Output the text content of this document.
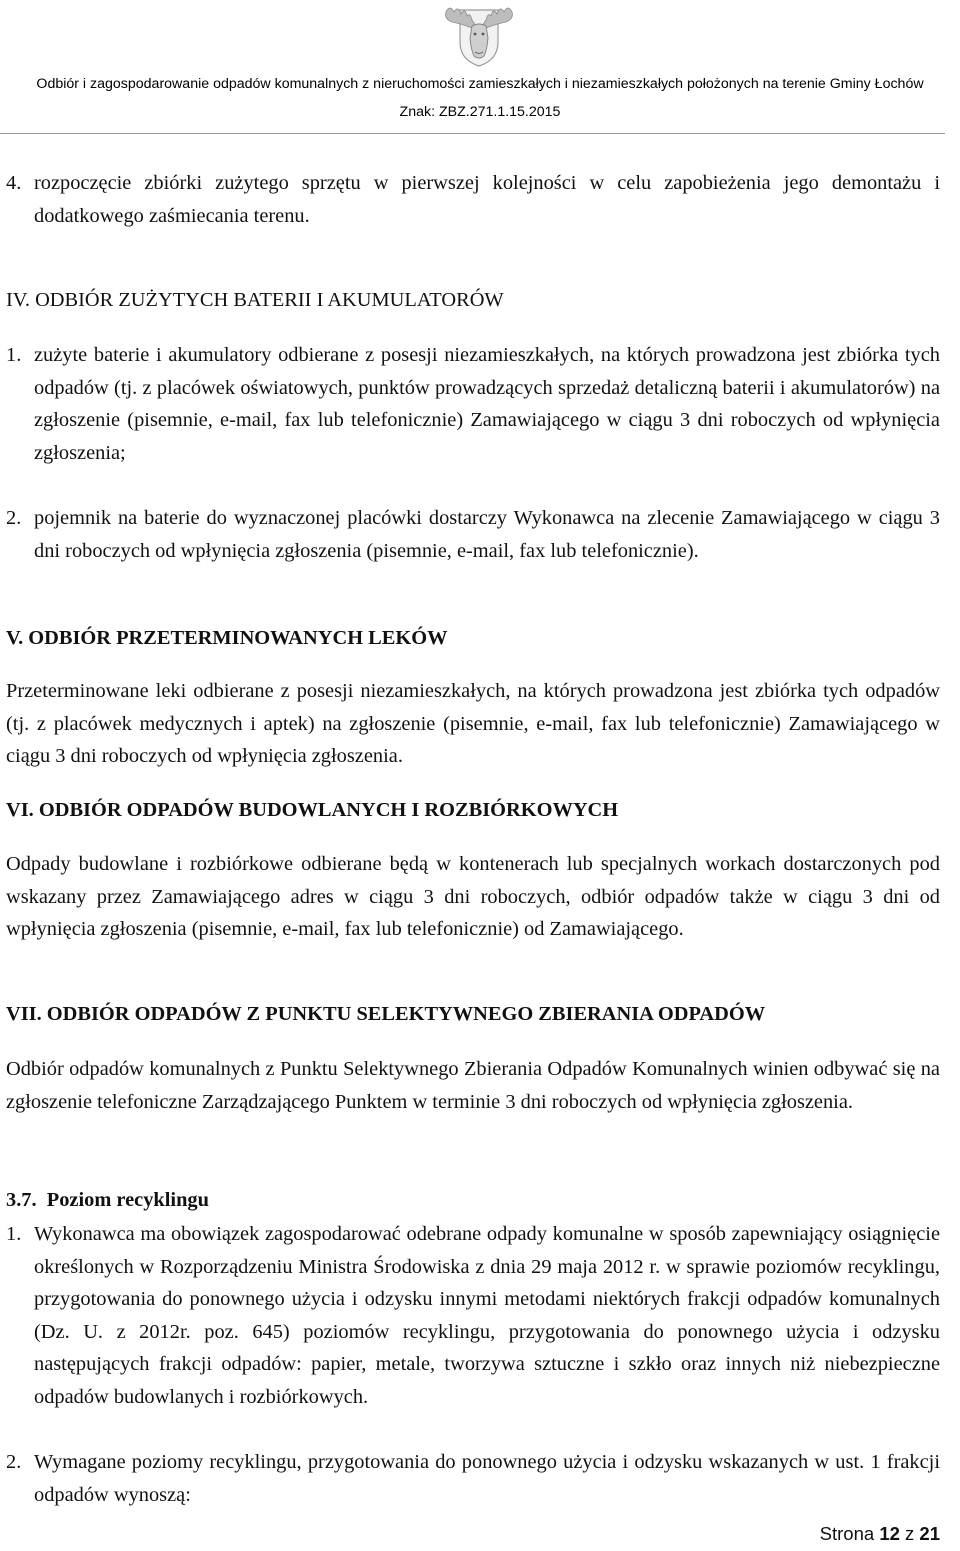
Odbiór i zagospodarowanie odpadów komunalnych z nieruchomości zamieszkałych i niezamieszkałych położonych na terenie Gminy Łochów
Znak: ZBZ.271.1.15.2015
4. rozpoczęcie zbiórki zużytego sprzętu w pierwszej kolejności w celu zapobieżenia jego demontażu i dodatkowego zaśmiecania terenu.
IV. ODBIÓR ZUŻYTYCH BATERII I AKUMULATORÓW
1. zużyte baterie i akumulatory odbierane z posesji niezamieszkałych, na których prowadzona jest zbiórka tych odpadów (tj. z placówek oświatowych, punktów prowadzących sprzedaż detaliczną baterii i akumulatorów) na zgłoszenie (pisemnie, e-mail, fax lub telefonicznie) Zamawiającego w ciągu 3 dni roboczych od wpłynięcia zgłoszenia;
2. pojemnik na baterie do wyznaczonej placówki dostarczy Wykonawca na zlecenie Zamawiającego w ciągu 3 dni roboczych od wpłynięcia zgłoszenia (pisemnie, e-mail, fax lub telefonicznie).
V. ODBIÓR PRZETERMINOWANYCH LEKÓW
Przeterminowane leki odbierane z posesji niezamieszkałych, na których prowadzona jest zbiórka tych odpadów (tj. z placówek medycznych i aptek) na zgłoszenie (pisemnie, e-mail, fax lub telefonicznie) Zamawiającego w ciągu 3 dni roboczych od wpłynięcia zgłoszenia.
VI. ODBIÓR ODPADÓW BUDOWLANYCH I ROZBIÓRKOWYCH
Odpady budowlane i rozbiórkowe odbierane będą w kontenerach lub specjalnych workach dostarczonych pod wskazany przez Zamawiającego adres w ciągu 3 dni roboczych, odbiór odpadów także w ciągu 3 dni od wpłynięcia zgłoszenia (pisemnie, e-mail, fax lub telefonicznie) od Zamawiającego.
VII. ODBIÓR ODPADÓW Z PUNKTU SELEKTYWNEGO ZBIERANIA ODPADÓW
Odbiór odpadów komunalnych z Punktu Selektywnego Zbierania Odpadów Komunalnych winien odbywać się na zgłoszenie telefoniczne Zarządzającego Punktem w terminie 3 dni roboczych od wpłynięcia zgłoszenia.
3.7.  Poziom recyklingu
1. Wykonawca ma obowiązek zagospodarować odebrane odpady komunalne w sposób zapewniający osiągnięcie określonych w Rozporządzeniu Ministra Środowiska z dnia 29 maja 2012 r. w sprawie poziomów recyklingu, przygotowania do ponownego użycia i odzysku innymi metodami niektórych frakcji odpadów komunalnych (Dz. U. z 2012r. poz. 645) poziomów recyklingu, przygotowania do ponownego użycia i odzysku następujących frakcji odpadów: papier, metale, tworzywa sztuczne i szkło oraz innych niż niebezpieczne odpadów budowlanych i rozbiórkowych.
2. Wymagane poziomy recyklingu, przygotowania do ponownego użycia i odzysku wskazanych w ust. 1 frakcji odpadów wynoszą:
Strona 12 z 21
